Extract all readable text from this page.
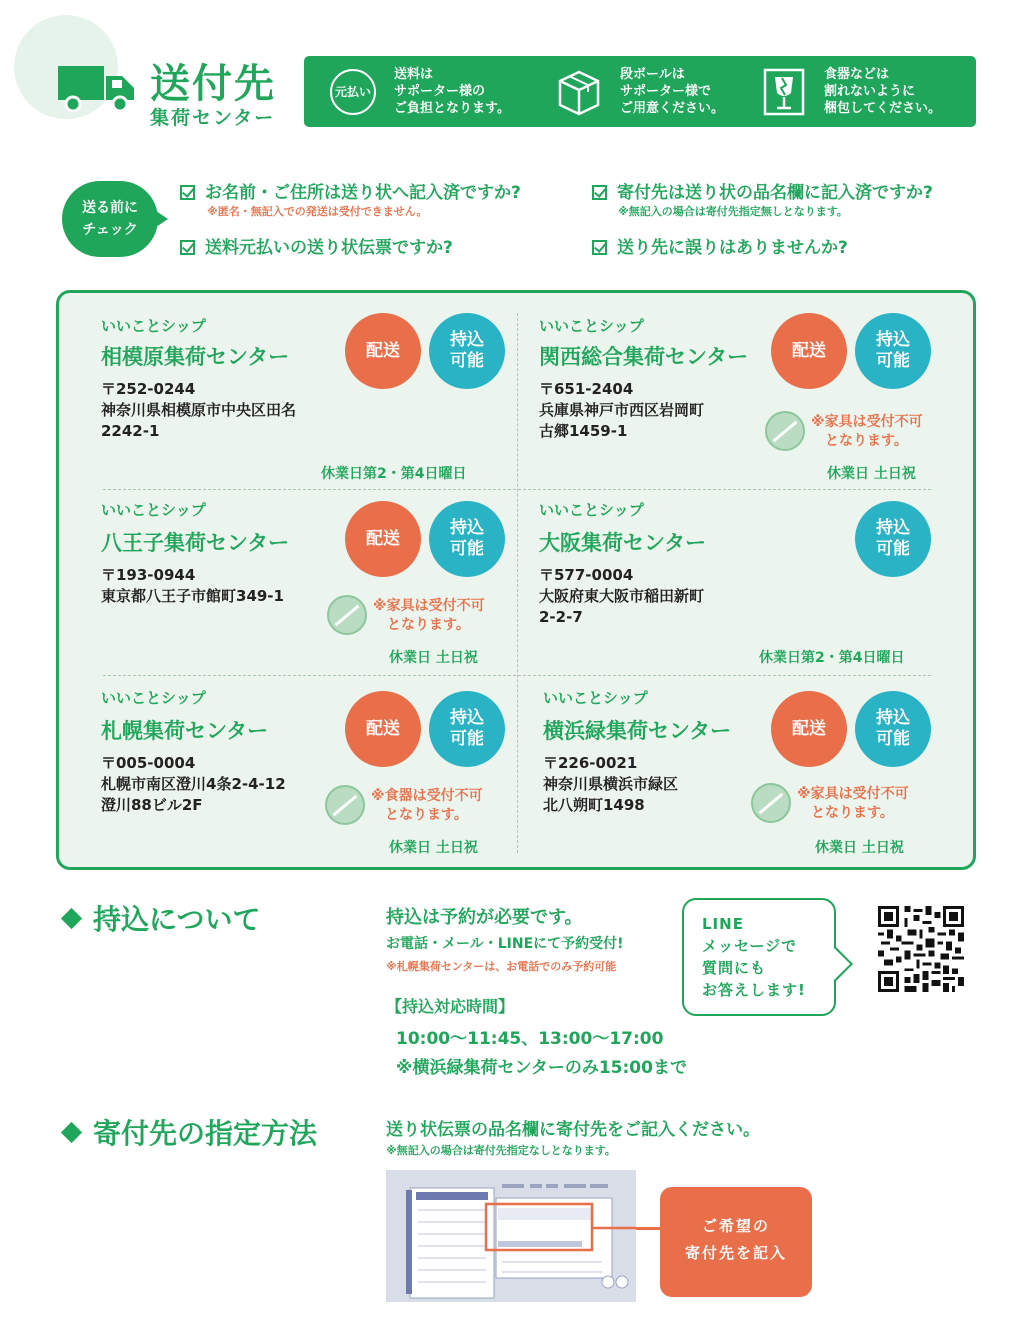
送付先
集荷センター
元払い
送料は
サポーター様の
ご負担となります。
段ボールは
サポーター様で
ご用意ください。
食器などは
割れないように
梱包してください。
送る前に
チェック
お名前・ご住所は送り状へ記入済ですか?
※匿名・無記入での発送は受付できません。
寄付先は送り状の品名欄に記入済ですか?
※無記入の場合は寄付先指定無しとなります。
送料元払いの送り状伝票ですか?	送り先に誤りはありませんか?
いいことシップ
相模原集荷センター
〒252-0244
神奈川県相模原市中央区田名
2242-1
配送
持込
可能
休業日第2・第4日曜日
いいことシップ
関西総合集荷センター
〒651-2404
兵庫県神戸市西区岩岡町
古郷1459-1
配送
持込
可能
※家具は受付不可
となります。
休業日 土日祝
いいことシップ
八王子集荷センター
〒193-0944
東京都八王子市館町349-1
配送
持込
可能
※家具は受付不可
となります。
休業日 土日祝
いいことシップ
大阪集荷センター
〒577-0004
大阪府東大阪市稲田新町
2-2-7
持込
可能
休業日第2・第4日曜日
いいことシップ
札幌集荷センター
〒005-0004
札幌市南区澄川4条2-4-12
澄川88ビル2F
配送
持込
可能
※食器は受付不可
となります。
休業日 土日祝
いいことシップ
横浜緑集荷センター
〒226-0021
神奈川県横浜市緑区
北八朔町1498
配送
持込
可能
※家具は受付不可
となります。
休業日 土日祝
持込について	持込は予約が必要です。
お電話・メール・LINEにて予約受付!
※札幌集荷センターは、お電話でのみ予約可能
【持込対応時間】
10:00～11:45、13:00～17:00
※横浜緑集荷センターのみ15:00まで
LINE
メッセージで
質問にも
お答えします!
寄付先の指定方法	送り状伝票の品名欄に寄付先をご記入ください。
※無記入の場合は寄付先指定なしとなります。
ご希望の
寄付先を記入
